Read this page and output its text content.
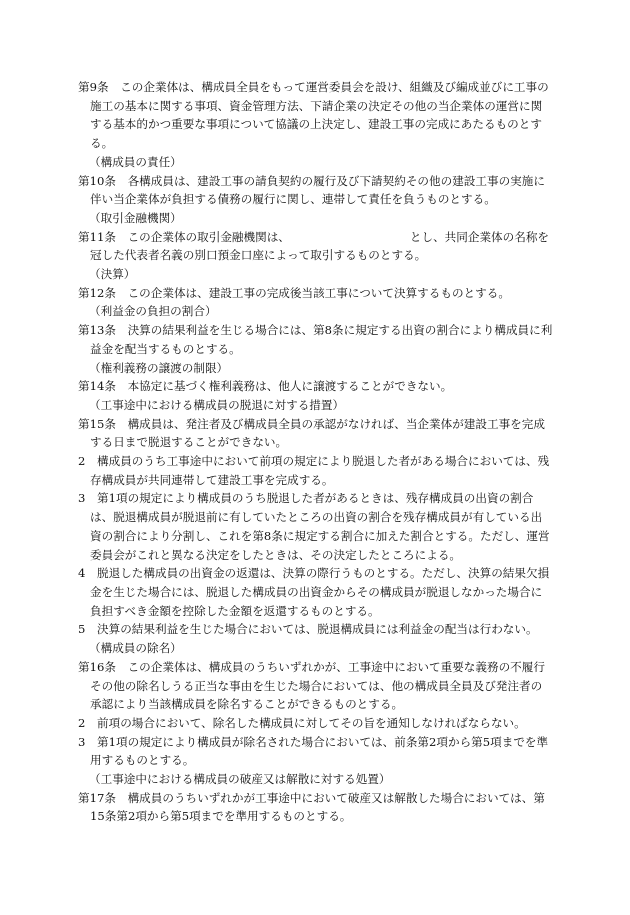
第9条　 この企業体は、構成員全員をもって運営委員会を設け、組織及び編成並びに工事の施工の基本に関する事項、資金管理方法、下請企業の決定その他の当企業体の運営に関する基本的かつ重要な事項について協議の上決定し、建設工事の完成にあたるものとする。

（構成員の責任）

第10条　 各構成員は、建設工事の請負契約の履行及び下請契約その他の建設工事の実施に伴い当企業体が負担する債務の履行に関し、連帯して責任を負うものとする。

（取引金融機関）

第11条　 この企業体の取引金融機関は、	とし、共同企業体の名称を冠した代表者名義の別口預金口座によって取引するものとする。

（決算）

第12条　 この企業体は、建設工事の完成後当該工事について決算するものとする。

（利益金の負担の割合）

第13条　 決算の結果利益を生じる場合には、第8条に規定する出資の割合により構成員に利益金を配当するものとする。

（権利義務の譲渡の制限）

第14条　 本協定に基づく権利義務は、他人に譲渡することができない。

（工事途中における構成員の脱退に対する措置）

第15条　 構成員は、発注者及び構成員全員の承認がなければ、当企業体が建設工事を完成する日まで脱退することができない。

2　 構成員のうち工事途中において前項の規定により脱退した者がある場合においては、残存構成員が共同連帯して建設工事を完成する。

3　 第1項の規定により構成員のうち脱退した者があるときは、残存構成員の出資の割合は、脱退構成員が脱退前に有していたところの出資の割合を残存構成員が有している出資の割合により分割し、これを第8条に規定する割合に加えた割合とする。ただし、運営委員会がこれと異なる決定をしたときは、その決定したところによる。

4　 脱退した構成員の出資金の返還は、決算の際行うものとする。ただし、決算の結果欠損金を生じた場合には、脱退した構成員の出資金からその構成員が脱退しなかった場合に負担すべき金額を控除した金額を返還するものとする。

5　 決算の結果利益を生じた場合においては、脱退構成員には利益金の配当は行わない。

（構成員の除名）

第16条　 この企業体は、構成員のうちいずれかが、工事途中において重要な義務の不履行その他の除名しうる正当な事由を生じた場合においては、他の構成員全員及び発注者の承認により当該構成員を除名することができるものとする。

2　 前項の場合において、除名した構成員に対してその旨を通知しなければならない。

3　 第1項の規定により構成員が除名された場合においては、前条第2項から第5項までを準用するものとする。

（工事途中における構成員の破産又は解散に対する処置）

第17条　 構成員のうちいずれかが工事途中において破産又は解散した場合においては、第15条第2項から第5項までを準用するものとする。
